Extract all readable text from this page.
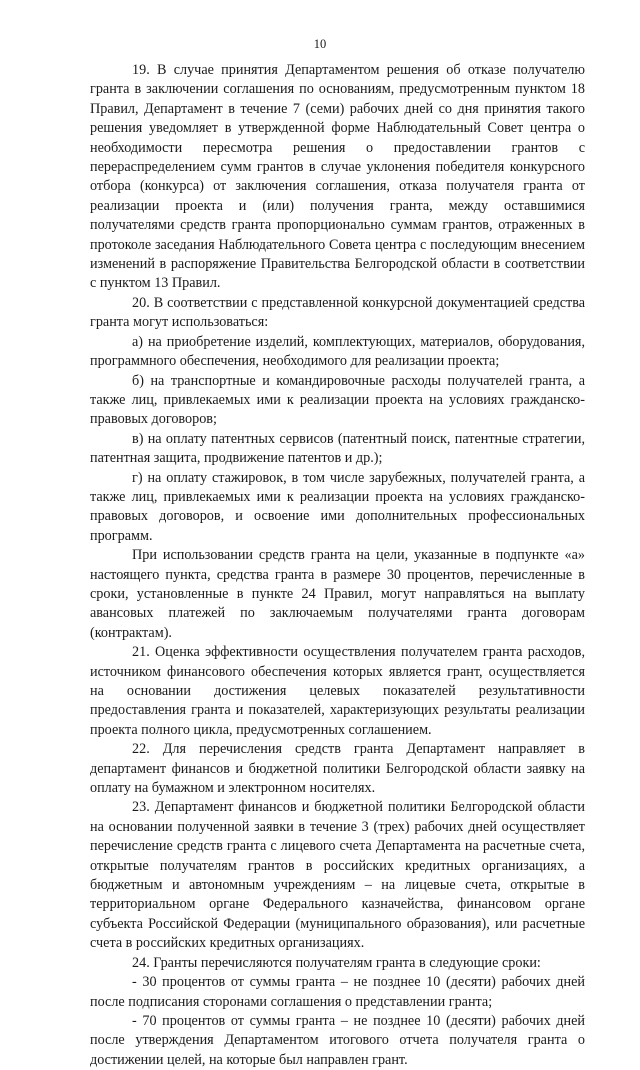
10

19. В случае принятия Департаментом решения об отказе получателю гранта в заключении соглашения по основаниям, предусмотренным пунктом 18 Правил, Департамент в течение 7 (семи) рабочих дней со дня принятия такого решения уведомляет в утвержденной форме Наблюдательный Совет центра о необходимости пересмотра решения о предоставлении грантов с перераспределением сумм грантов в случае уклонения победителя конкурсного отбора (конкурса) от заключения соглашения, отказа получателя гранта от реализации проекта и (или) получения гранта, между оставшимися получателями средств гранта пропорционально суммам грантов, отраженных в протоколе заседания Наблюдательного Совета центра с последующим внесением изменений в распоряжение Правительства Белгородской области в соответствии с пунктом 13 Правил.

20. В соответствии с представленной конкурсной документацией средства гранта могут использоваться:

а) на приобретение изделий, комплектующих, материалов, оборудования, программного обеспечения, необходимого для реализации проекта;

б) на транспортные и командировочные расходы получателей гранта, а также лиц, привлекаемых ими к реализации проекта на условиях гражданско-правовых договоров;

в) на оплату патентных сервисов (патентный поиск, патентные стратегии, патентная защита, продвижение патентов и др.);

г) на оплату стажировок, в том числе зарубежных, получателей гранта, а также лиц, привлекаемых ими к реализации проекта на условиях гражданско-правовых договоров, и освоение ими дополнительных профессиональных программ.

При использовании средств гранта на цели, указанные в подпункте «а» настоящего пункта, средства гранта в размере 30 процентов, перечисленные в сроки, установленные в пункте 24 Правил, могут направляться на выплату авансовых платежей по заключаемым получателями гранта договорам (контрактам).

21. Оценка эффективности осуществления получателем гранта расходов, источником финансового обеспечения которых является грант, осуществляется на основании достижения целевых показателей результативности предоставления гранта и показателей, характеризующих результаты реализации проекта полного цикла, предусмотренных соглашением.

22. Для перечисления средств гранта Департамент направляет в департамент финансов и бюджетной политики Белгородской области заявку на оплату на бумажном и электронном носителях.

23. Департамент финансов и бюджетной политики Белгородской области на основании полученной заявки в течение 3 (трех) рабочих дней осуществляет перечисление средств гранта с лицевого счета Департамента на расчетные счета, открытые получателям грантов в российских кредитных организациях, а бюджетным и автономным учреждениям – на лицевые счета, открытые в территориальном органе Федерального казначейства, финансовом органе субъекта Российской Федерации (муниципального образования), или расчетные счета в российских кредитных организациях.

24. Гранты перечисляются получателям гранта в следующие сроки:

- 30 процентов от суммы гранта – не позднее 10 (десяти) рабочих дней после подписания сторонами соглашения о представлении гранта;

- 70 процентов от суммы гранта – не позднее 10 (десяти) рабочих дней после утверждения Департаментом итогового отчета получателя гранта о достижении целей, на которые был направлен грант.
